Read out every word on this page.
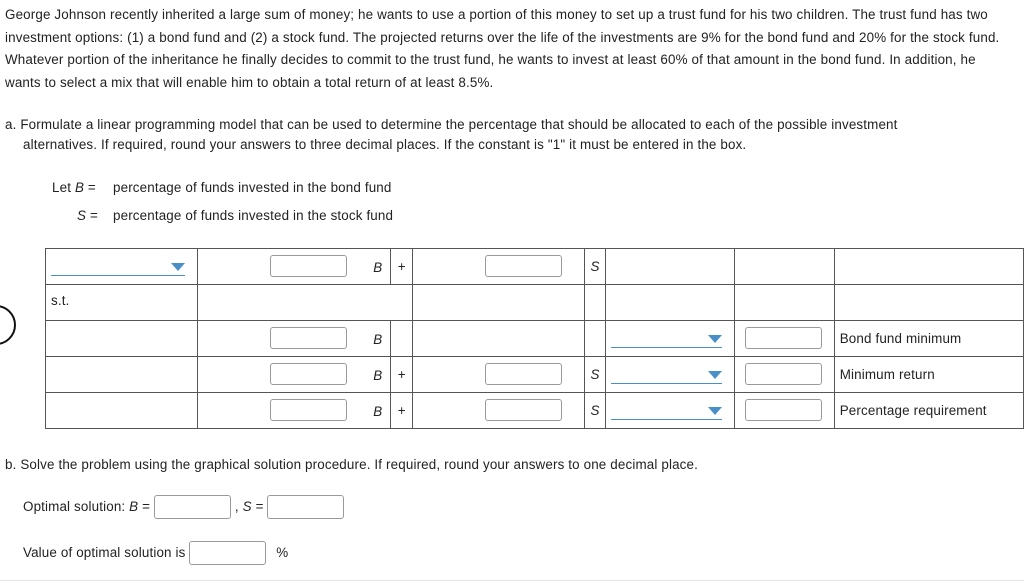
George Johnson recently inherited a large sum of money; he wants to use a portion of this money to set up a trust fund for his two children. The trust fund has two investment options: (1) a bond fund and (2) a stock fund. The projected returns over the life of the investments are 9% for the bond fund and 20% for the stock fund. Whatever portion of the inheritance he finally decides to commit to the trust fund, he wants to invest at least 60% of that amount in the bond fund. In addition, he wants to select a mix that will enable him to obtain a total return of at least 8.5%.

a. Formulate a linear programming model that can be used to determine the percentage that should be allocated to each of the possible investment
alternatives. If required, round your answers to three decimal places. If the constant is "1" it must be entered in the box.
Let B = percentage of funds invested in the bond fund
S = percentage of funds invested in the stock fund

	B	+		S			

s.t.							

	B						Bond fund minimum

	B	+		S			Minimum return

	B	+		S			Percentage requirement
b. Solve the problem using the graphical solution procedure. If required, round your answers to one decimal place.
Optimal solution: B =	, S =
Value of optimal solution is	%
